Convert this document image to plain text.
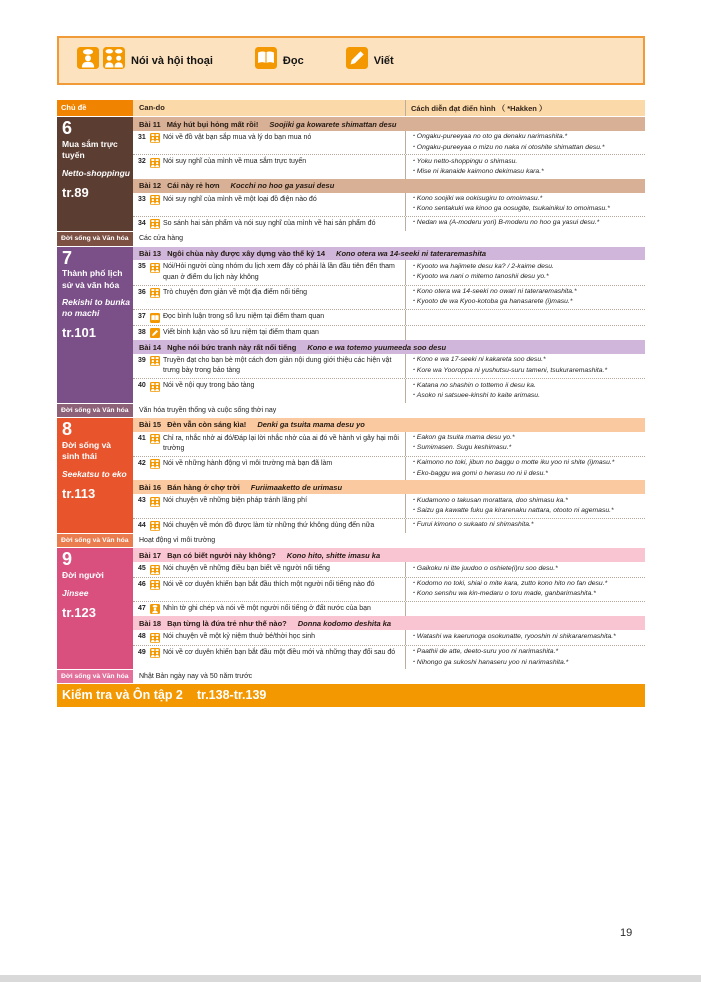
Nói và hội thoại	Đọc	Viết
Chủ đề	Can-do	Cách diễn đạt điển hình （ *Hakken ）
6
Mua sắm trực tuyến
Netto-shoppingu
tr.89
Bài 11 Máy hút bụi hỏng mất rồi! Soojiki ga kowarete shimattan desu
31 Nói về đồ vật bạn sắp mua và lý do bạn mua nó	・Ongaku-pureeyaa no oto ga denaku narimashita.*
・Ongaku-pureeyaa o mizu no naka ni otoshite shimattan desu.*
32 Nói suy nghĩ của mình về mua sắm trực tuyến	・Yoku netto-shoppingu o shimasu.
・Mise ni ikanaide kaimono dekimasu kara.*
Bài 12 Cái này rẻ hơn Kocchi no hoo ga yasui desu
33 Nói suy nghĩ của mình về một loại đồ điện nào đó	・Kono soojiki wa ookisugiru to omoimasu.*
・Kono sentakuki wa kinoo ga oosugite, tsukainikui to omoimasu.*
34 So sánh hai sản phẩm và nói suy nghĩ của mình về hai sản phẩm đó	・Nedan wa (A-moderu yori) B-moderu no hoo ga yasui desu.*
Đời sống và Văn hóa	Các cửa hàng
7
Thành phố lịch sử và văn hóa
Rekishi to bunka no machi
tr.101
Bài 13 Ngôi chùa này được xây dựng vào thế kỷ 14 Kono otera wa 14-seeki ni tateraremashita
35 Nói/Hỏi người cùng nhóm du lịch xem đây có phải là lần đầu tiên đến tham quan ở điểm du lịch này không
・Kyooto wa hajimete desu ka? / 2-kaime desu.
・Kyooto wa nani o mitemo tanoshii desu yo.*
36 Trò chuyện đơn giản về một địa điểm nổi tiếng	・Kono otera wa 14-seeki no owari ni tateraremashita.*
・Kyooto de wa Kyoo-kotoba ga hanasarete (i)masu.*
37 Đọc bình luận trong sổ lưu niệm tại điểm tham quan
38 Viết bình luận vào sổ lưu niệm tại điểm tham quan
Bài 14 Nghe nói bức tranh này rất nổi tiếng Kono e wa totemo yuumeeda soo desu
39 Truyền đạt cho bạn bè một cách đơn giản nội dung giới thiệu các hiện vật trưng bày trong bảo tàng
・Kono e wa 17-seeki ni kakareta soo desu.*
・Kore wa Yooroppa ni yushutsu-suru tameni, tsukuraremashita.*
40 Nói về nội quy trong bảo tàng	・Katana no shashin o tottemo ii desu ka.
・Asoko ni satsuee-kinshi to kaite arimasu.
Đời sống và Văn hóa	Văn hóa truyền thống và cuộc sống thời nay
8
Đời sống và sinh thái
Seekatsu to eko
tr.113
Bài 15 Đèn vẫn còn sáng kìa! Denki ga tsuita mama desu yo
41 Chỉ ra, nhắc nhở ai đó/Đáp lại lời nhắc nhở của ai đó về hành vi gây hại môi trường
・Eakon ga tsuita mama desu yo.*
・Sumimasen. Sugu keshimasu.*
42 Nói về những hành động vì môi trường mà bạn đã làm	・Kaimono no toki, jibun no baggu o motte iku yoo ni shite (i)masu.*
・Eko-baggu wa gomi o herasu no ni ii desu.*
Bài 16 Bán hàng ở chợ trời Furiimaaketto de urimasu
43 Nói chuyện về những biện pháp tránh lãng phí	・Kudamono o takusan morattara, doo shimasu ka.*
・Saizu ga kawatte fuku ga kirarenaku nattara, otooto ni agemasu.*
44 Nói chuyện về món đồ được làm từ những thứ không dùng đến nữa	・Furui kimono o sukaato ni shimashita.*
Đời sống và Văn hóa	Hoạt động vì môi trường
9
Đời người
Jinsee
tr.123
Bài 17 Bạn có biết người này không? Kono hito, shitte imasu ka
45 Nói chuyện về những điều bạn biết về người nổi tiếng	・Gaikoku ni itte juudoo o oshiete(i)ru soo desu.*
46 Nói về cơ duyên khiến bạn bắt đầu thích một người nổi tiếng nào đó	・Kodomo no toki, shiai o mite kara, zutto kono hito no fan desu.*
・Kono senshu wa kin-medaru o toru made, ganbarimashita.*
47 Nhìn tờ ghi chép và nói về một người nổi tiếng ở đất nước của bạn
Bài 18 Bạn từng là đứa trẻ như thế nào? Donna kodomo deshita ka
48 Nói chuyện về một kỷ niệm thuở bé/thời học sinh	・Watashi wa kaerunoga osokunatte, ryooshin ni shikararemashita.*
49 Nói về cơ duyên khiến bạn bắt đầu một điều mới và những thay đổi sau đó ・Paathii de atte, deeto-suru yoo ni narimashita.*
・Nihongo ga sukoshi hanaseru yoo ni narimashita.*
Đời sống và Văn hóa	Nhật Bản ngày nay và 50 năm trước
Kiểm tra và Ôn tập 2 tr.138-tr.139
19
